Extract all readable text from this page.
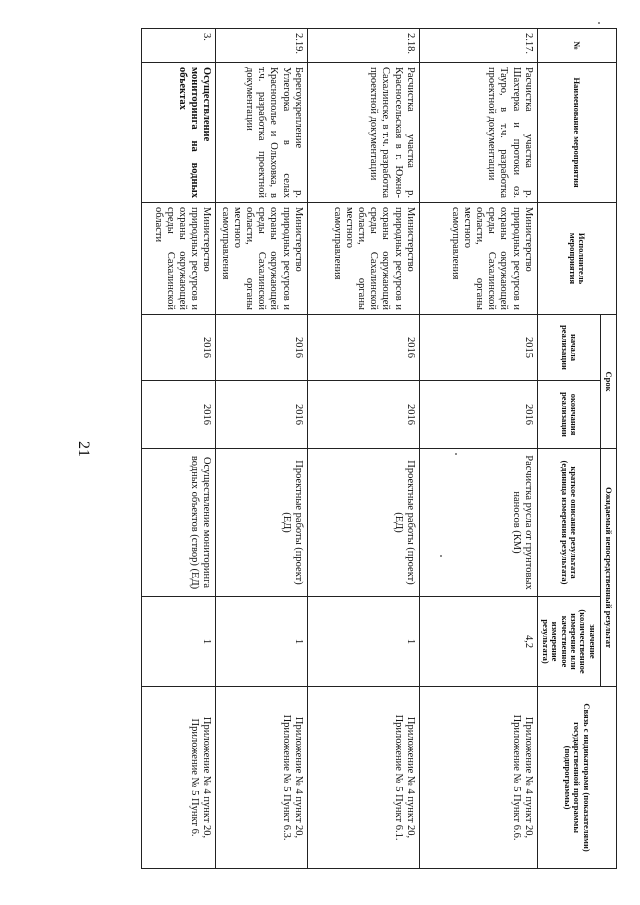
21
№	Наименование мероприятия	Исполнитель мероприятия	Срок		Ожидаемый непосредственный результат		Связь с индикаторами (показателями) государственной программы (подпрограммы)
			начала реализации	окончания реализации	краткое описание результата (единица измерения результата)	значение (количественное измерение или качественное измерение результата)	
2.17.	Расчистка участка р. Шахтерка и протоки оз. Тауро, в т.ч. разработка проектной документации	Министерство природных ресурсов и охраны окружающей среды Сахалинской области, органы местного самоуправления	2015	2016	Расчистка русла от грунтовых наносов (КМ)	4,2	Приложение № 4 пункт 20, Приложение № 5 Пункт 6.6.
2.18.	Расчистка участка р. Красносельская в г. Южно-Сахалинске, в т.ч. разработка проектной документации	Министерство природных ресурсов и охраны окружающей среды Сахалинской области, органы местного самоуправления	2016	2016	Проектные работы (проект) (ЕД)	1	Приложение № 4 пункт 20, Приложение № 5 Пункт 6.1.
2.19.	Берегоукрепление р. Углегорка в селах Краснополье и Ольховка, в т.ч. разработка проектной документации	Министерство природных ресурсов и охраны окружающей среды Сахалинской области, органы местного самоуправления	2016	2016	Проектные работы (проект) (ЕД)	1	Приложение № 4 пункт 20, Приложение № 5 Пункт 6.3.
3.	Осуществление мониторинга на водных объектах	Министерство природных ресурсов и охраны окружающей среды Сахалинской области	2016	2016	Осуществление мониторинга водных объектов (створ) (ЕД)	1	Приложение № 4 пункт 20, Приложение № 5 Пункт 6.
